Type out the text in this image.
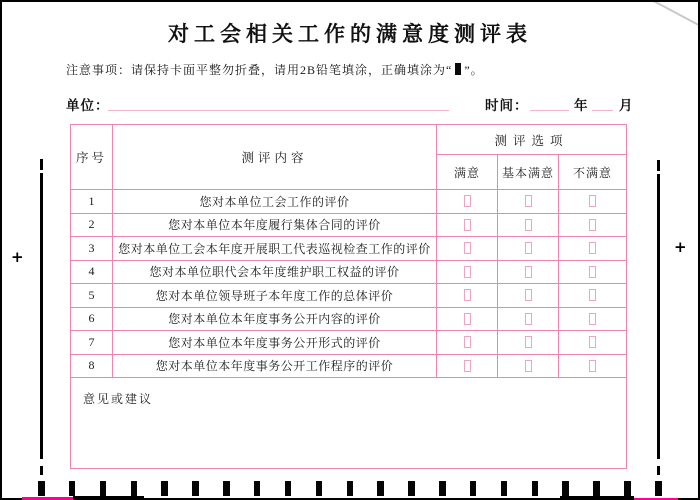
对工会相关工作的满意度测评表
注意事项：请保持卡面平整勿折叠，请用2B铅笔填涂，正确填涂为“ ”。
单位：	时间：	年 月
序号	测评内容
测评选项
满意	基本满意	不满意
1	您对本单位工会工作的评价
2	您对本单位本年度履行集体合同的评价
3	您对本单位工会本年度开展职工代表巡视检查工作的评价
4	您对本单位职代会本年度维护职工权益的评价
5	您对本单位领导班子本年度工作的总体评价
6	您对本单位本年度事务公开内容的评价
7	您对本单位本年度事务公开形式的评价
8	您对本单位本年度事务公开工作程序的评价
意见或建议
+
+
